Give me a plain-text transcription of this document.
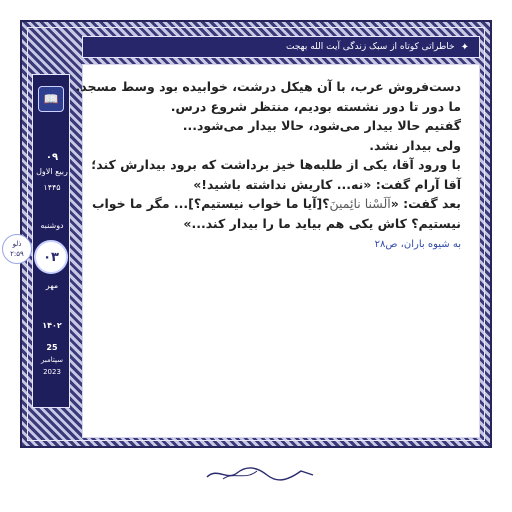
خاطراتی کوتاه از سبک زندگی آیت الله بهجت ✦
دست‌فروش عرب، با آن هیکل درشت، خوابیده بود وسط مسجد.
ما دور تا دور نشسته بودیم، منتظر شروع درس.
گفتیم حالا بیدار می‌شود، حالا بیدار می‌شود...
ولی بیدار نشد.
با ورود آقا، یکی از طلبه‌ها خیز برداشت که برود بیدارش کند؛
آقا آرام گفت: «نه... کاریش نداشته باشید!»
بعد گفت: «اَلَسْنا نائِمینَ؟[آیا ما خواب نیستیم؟]... مگر ما خواب
نیستیم؟ کاش یکی هم بیاید ما را بیدار کند...»
به شیوه باران، ص۲۸
۰۹
ربیع الاول
۱۴۴۵
دوشنبه
مهر
۱۴۰۲
25
سپتامبر
2023
📖
۰۳
ذلو
۲:۵۹
